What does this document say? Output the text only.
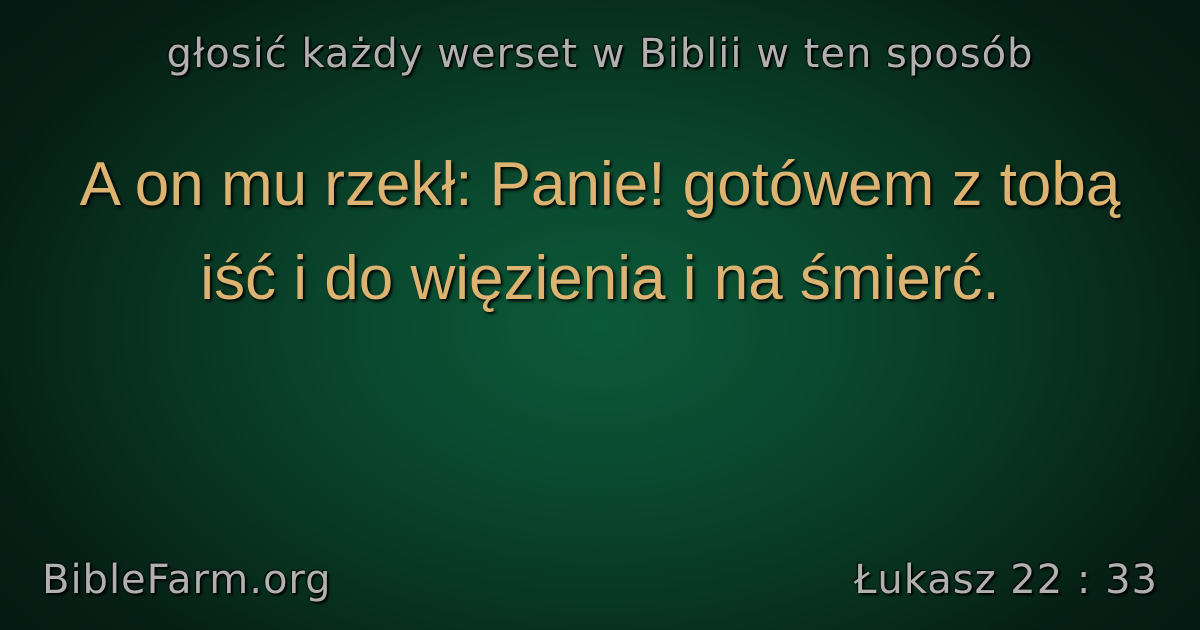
głosić każdy werset w Biblii w ten sposób
A on mu rzekł: Panie! gotówem z tobą iść i do więzienia i na śmierć.
BibleFarm.org	Łukasz 22 : 33
